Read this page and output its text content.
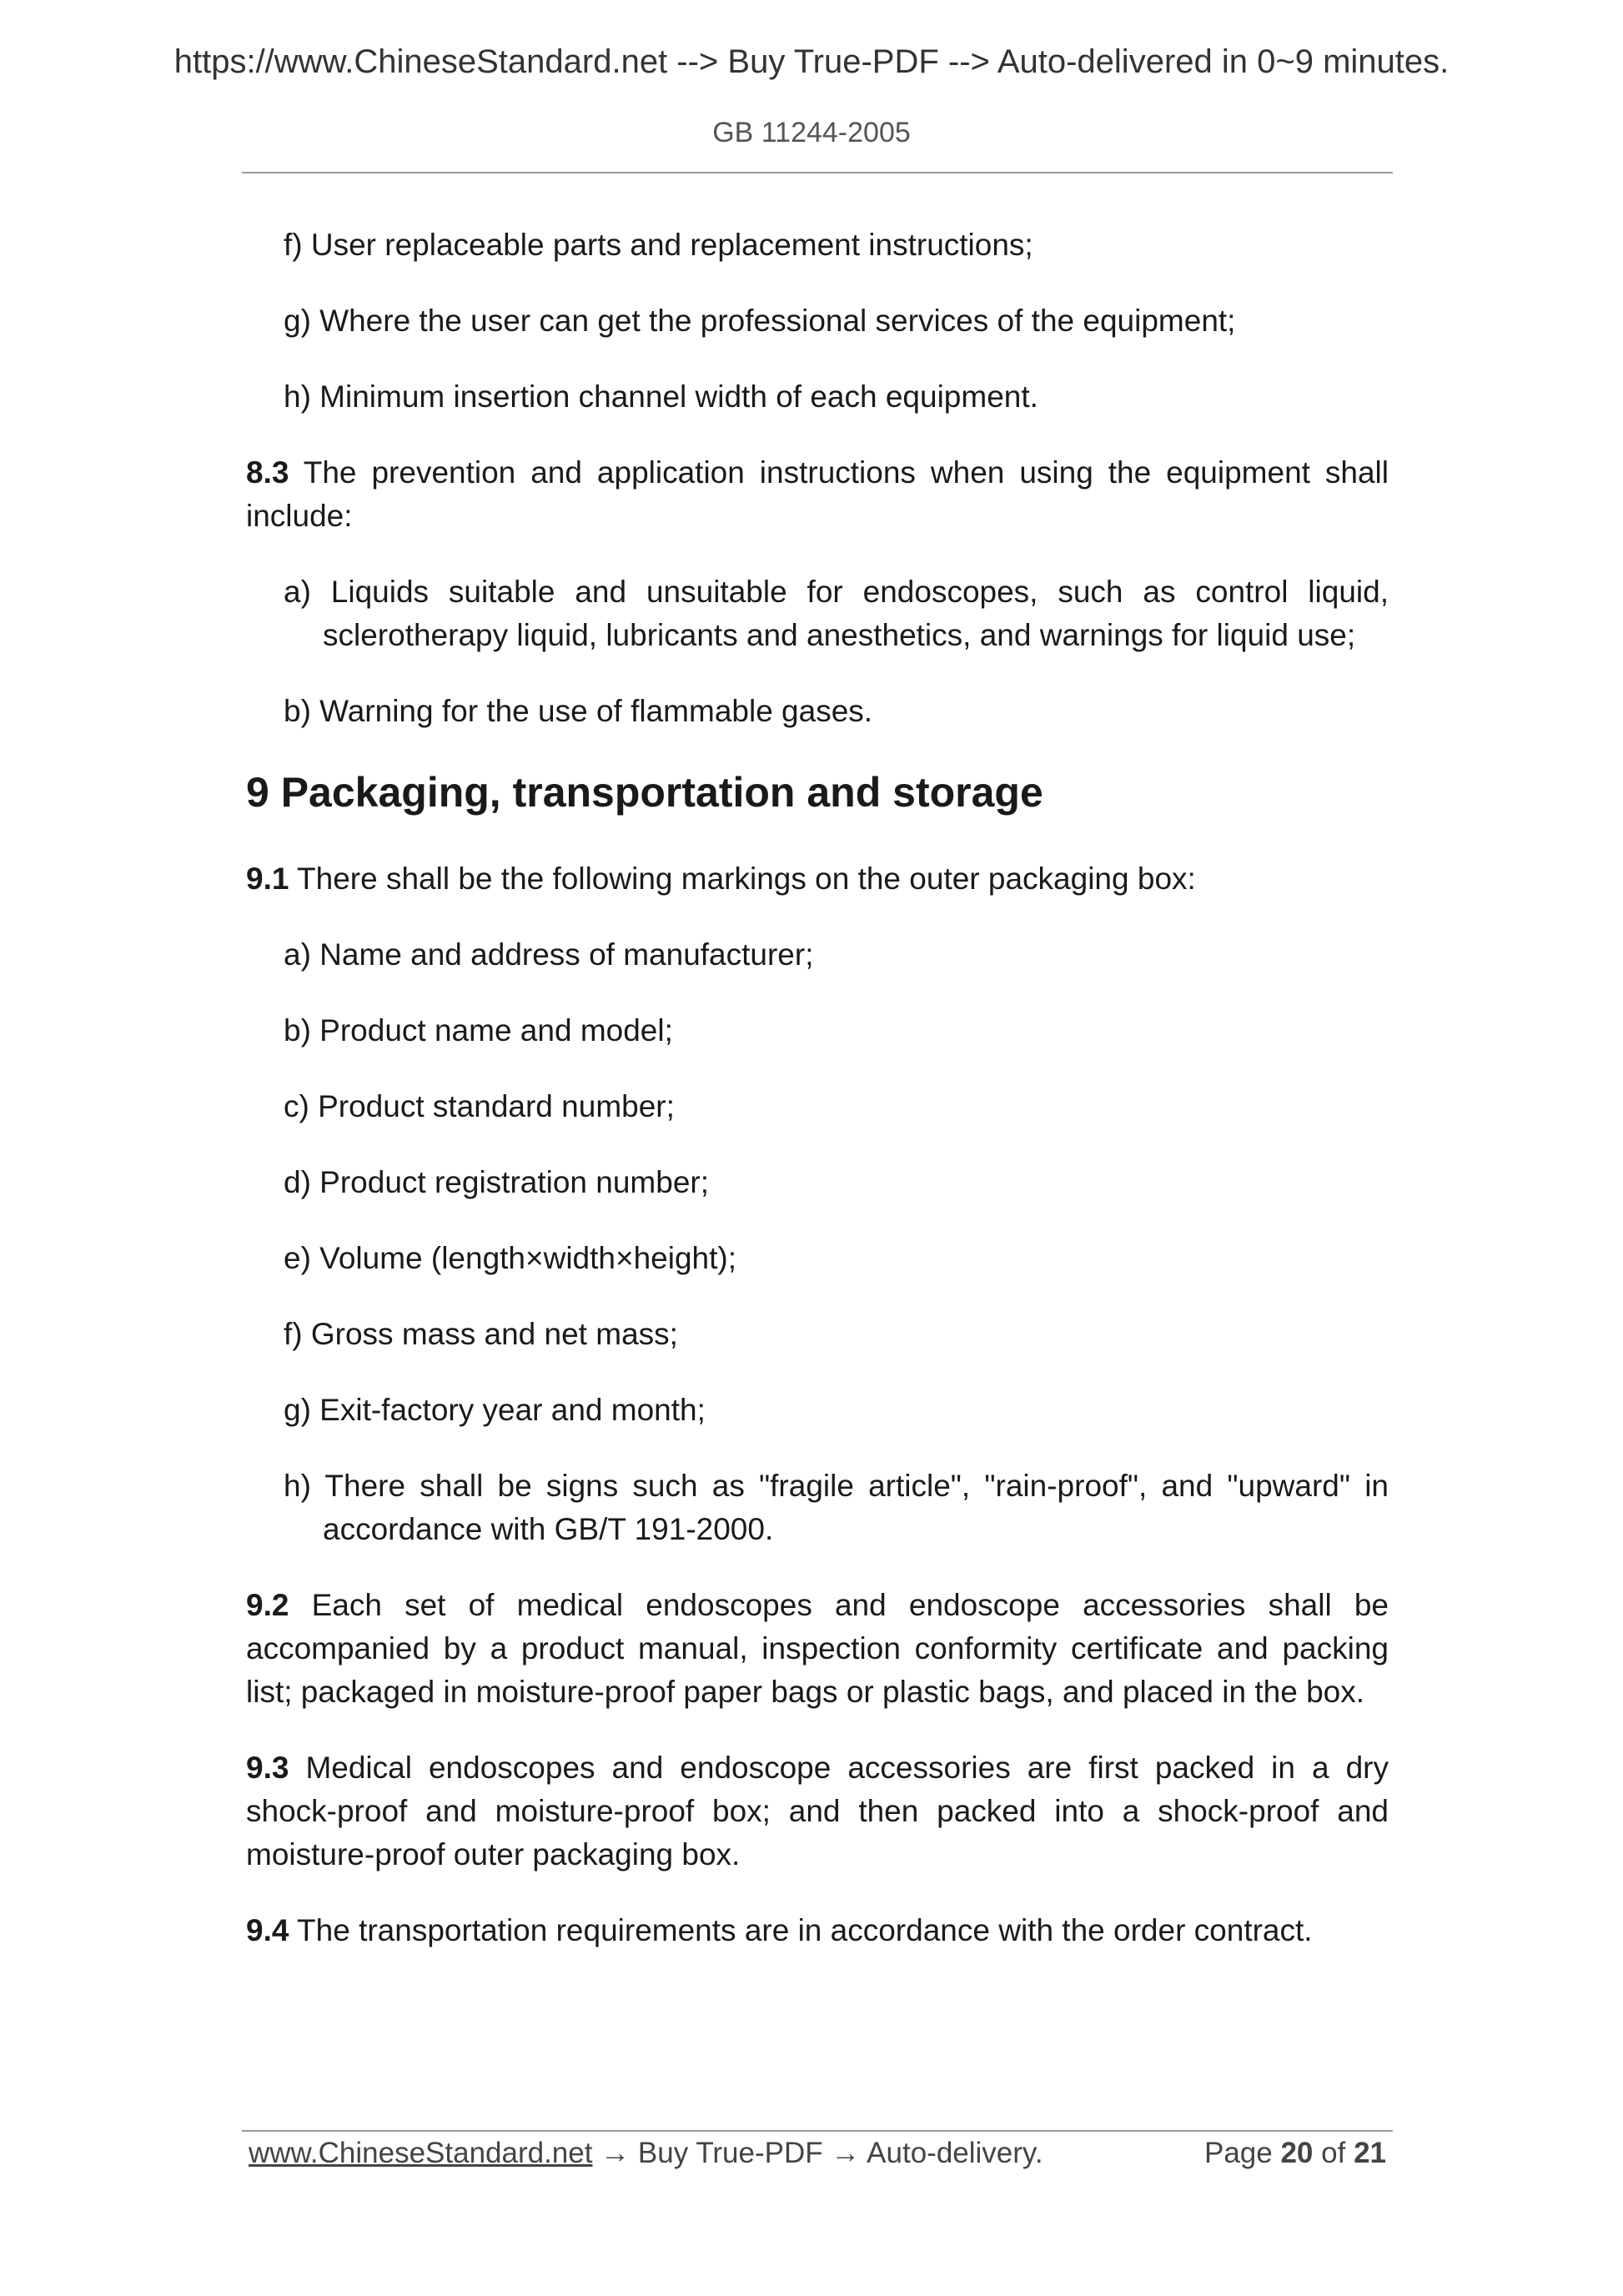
https://www.ChineseStandard.net --> Buy True-PDF --> Auto-delivered in 0~9 minutes.
GB 11244-2005

f) User replaceable parts and replacement instructions;

g) Where the user can get the professional services of the equipment;

h) Minimum insertion channel width of each equipment.

8.3 The prevention and application instructions when using the equipment shall include:

a) Liquids suitable and unsuitable for endoscopes, such as control liquid, sclerotherapy liquid, lubricants and anesthetics, and warnings for liquid use;

b) Warning for the use of flammable gases.

9 Packaging, transportation and storage

9.1 There shall be the following markings on the outer packaging box:

a) Name and address of manufacturer;

b) Product name and model;

c) Product standard number;

d) Product registration number;

e) Volume (length×width×height);

f) Gross mass and net mass;

g) Exit-factory year and month;

h) There shall be signs such as "fragile article", "rain-proof", and "upward" in accordance with GB/T 191-2000.

9.2 Each set of medical endoscopes and endoscope accessories shall be accompanied by a product manual, inspection conformity certificate and packing list; packaged in moisture-proof paper bags or plastic bags, and placed in the box.

9.3 Medical endoscopes and endoscope accessories are first packed in a dry shock-proof and moisture-proof box; and then packed into a shock-proof and moisture-proof outer packaging box.

9.4 The transportation requirements are in accordance with the order contract.

www.ChineseStandard.net → Buy True-PDF → Auto-delivery.	Page 20 of 21
